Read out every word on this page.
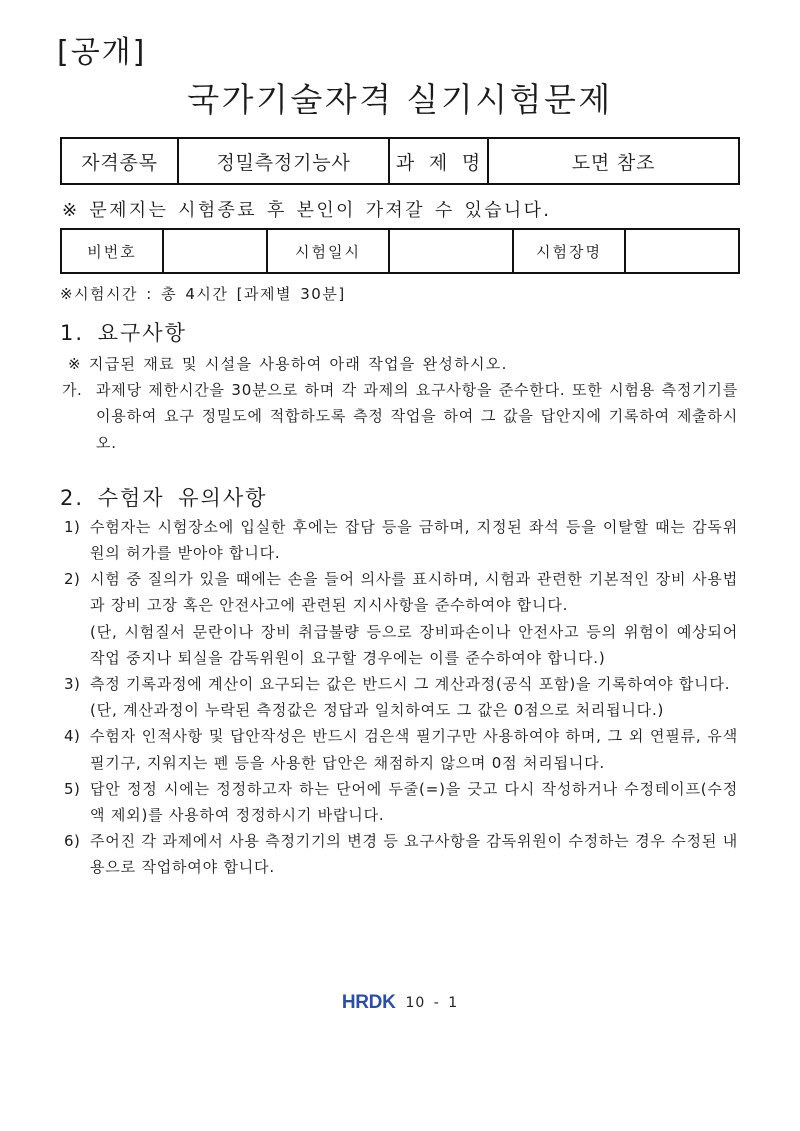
[공개]
국가기술자격 실기시험문제
자격종목	정밀측정기능사	과 제 명	도면 참조
※ 문제지는 시험종료 후 본인이 가져갈 수 있습니다.
비번호		시험일시		시험장명	
※시험시간 : 총 4시간 [과제별 30분]
1. 요구사항
※ 지급된 재료 및 시설을 사용하여 아래 작업을 완성하시오.
가. 과제당 제한시간을 30분으로 하며 각 과제의 요구사항을 준수한다. 또한 시험용 측정기기를 이용하여 요구 정밀도에 적합하도록 측정 작업을 하여 그 값을 답안지에 기록하여 제출하시오.

2. 수험자 유의사항
1) 수험자는 시험장소에 입실한 후에는 잡담 등을 금하며, 지정된 좌석 등을 이탈할 때는 감독위원의 허가를 받아야 합니다.

2) 시험 중 질의가 있을 때에는 손을 들어 의사를 표시하며, 시험과 관련한 기본적인 장비 사용법과 장비 고장 혹은 안전사고에 관련된 지시사항을 준수하여야 합니다.

(단, 시험질서 문란이나 장비 취급불량 등으로 장비파손이나 안전사고 등의 위험이 예상되어 작업 중지나 퇴실을 감독위원이 요구할 경우에는 이를 준수하여야 합니다.)

3) 측정 기록과정에 계산이 요구되는 값은 반드시 그 계산과정(공식 포함)을 기록하여야 합니다.

(단, 계산과정이 누락된 측정값은 정답과 일치하여도 그 값은 0점으로 처리됩니다.)

4) 수험자 인적사항 및 답안작성은 반드시 검은색 필기구만 사용하여야 하며, 그 외 연필류, 유색 필기구, 지워지는 펜 등을 사용한 답안은 채점하지 않으며 0점 처리됩니다.

5) 답안 정정 시에는 정정하고자 하는 단어에 두줄(=)을 긋고 다시 작성하거나 수정테이프(수정액 제외)를 사용하여 정정하시기 바랍니다.

6) 주어진 각 과제에서 사용 측정기기의 변경 등 요구사항을 감독위원이 수정하는 경우 수정된 내용으로 작업하여야 합니다.

HRDK 10 - 1
